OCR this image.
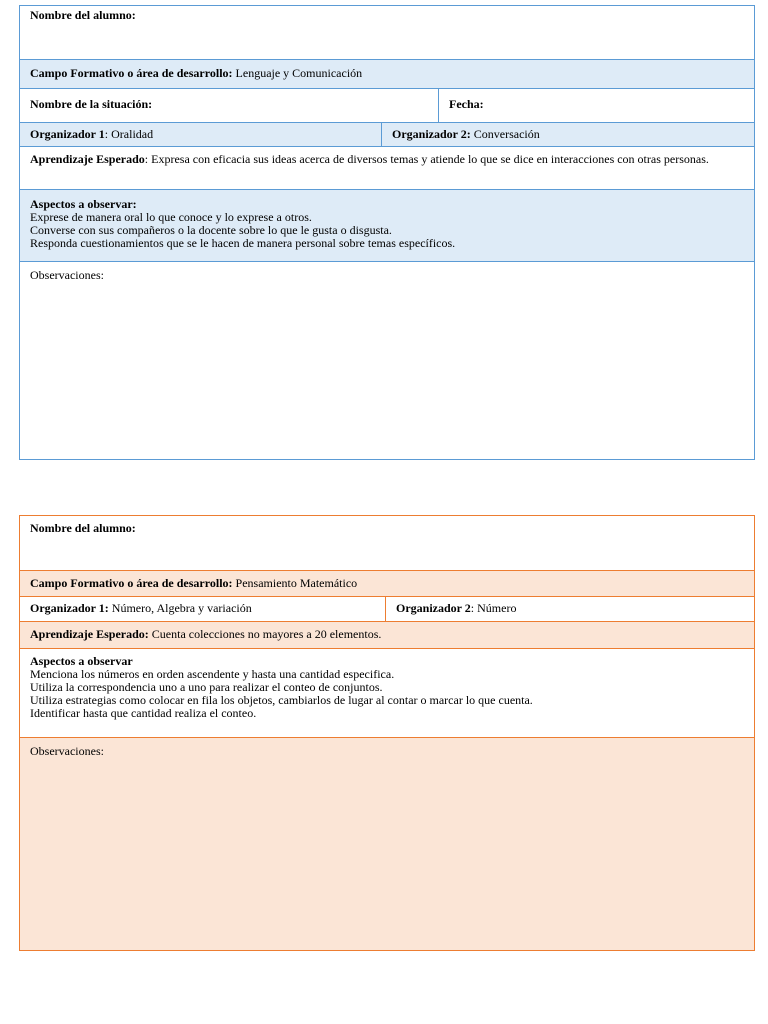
Nombre del alumno:		
Campo Formativo o área de desarrollo: Lenguaje y Comunicación		
Nombre de la situación:		Fecha:
Organizador 1: Oralidad	Organizador 2: Conversación	
Aprendizaje Esperado: Expresa con eficacia sus ideas acerca de diversos temas y atiende lo que se dice en interacciones con otras personas.		

Aspectos a observar:
Exprese de manera oral lo que conoce y lo exprese a otros.
Converse con sus compañeros o la docente sobre lo que le gusta o disgusta.
Responda cuestionamientos que se le hacen de manera personal sobre temas específicos.		

Observaciones:		
Nombre del alumno:
Campo Formativo o área de desarrollo: Pensamiento Matemático
Organizador 1: Número, Algebra y variación	Organizador 2: Número
Aprendizaje Esperado: Cuenta colecciones no mayores a 20 elementos.

Aspectos a observar
Menciona los números en orden ascendente y hasta una cantidad especifica.
Utiliza la correspondencia uno a uno para realizar el conteo de conjuntos.
Utiliza estrategias como colocar en fila los objetos, cambiarlos de lugar al contar o marcar lo que cuenta.
Identificar hasta que cantidad realiza el conteo.

Observaciones:
